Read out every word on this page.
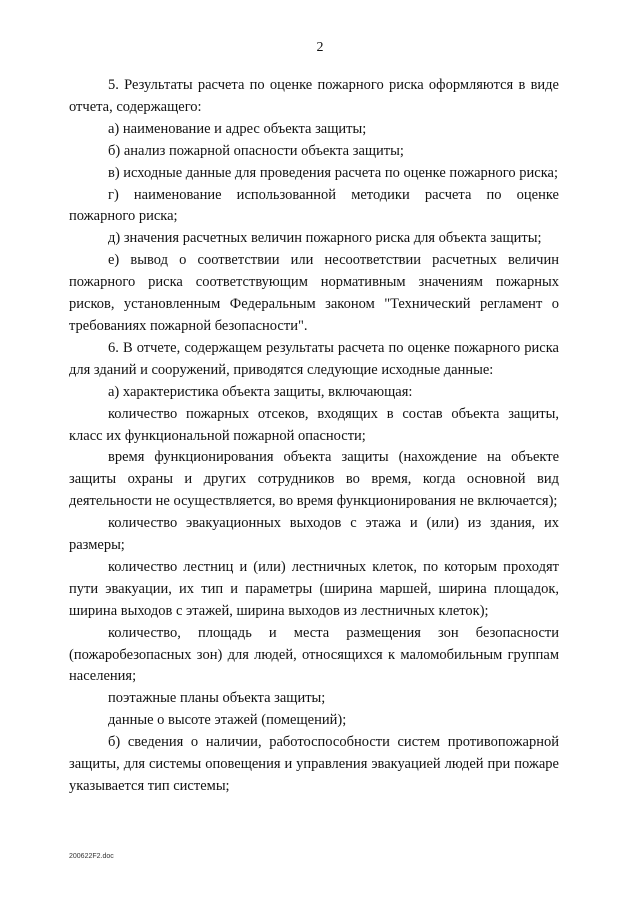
2

5. Результаты расчета по оценке пожарного риска оформляются в виде отчета, содержащего:

а) наименование и адрес объекта защиты;

б) анализ пожарной опасности объекта защиты;

в) исходные данные для проведения расчета по оценке пожарного риска;

г) наименование использованной методики расчета по оценке пожарного риска;

д) значения расчетных величин пожарного риска для объекта защиты;

е) вывод о соответствии или несоответствии расчетных величин пожарного риска соответствующим нормативным значениям пожарных рисков, установленным Федеральным законом "Технический регламент о требованиях пожарной безопасности".

6. В отчете, содержащем результаты расчета по оценке пожарного риска для зданий и сооружений, приводятся следующие исходные данные:

а) характеристика объекта защиты, включающая:

количество пожарных отсеков, входящих в состав объекта защиты, класс их функциональной пожарной опасности;

время функционирования объекта защиты (нахождение на объекте защиты охраны и других сотрудников во время, когда основной вид деятельности не осуществляется, во время функционирования не включается);

количество эвакуационных выходов с этажа и (или) из здания, их размеры;

количество лестниц и (или) лестничных клеток, по которым проходят пути эвакуации, их тип и параметры (ширина маршей, ширина площадок, ширина выходов с этажей, ширина выходов из лестничных клеток);

количество, площадь и места размещения зон безопасности (пожаробезопасных зон) для людей, относящихся к маломобильным группам населения;

поэтажные планы объекта защиты;

данные о высоте этажей (помещений);

б) сведения о наличии, работоспособности систем противопожарной защиты, для системы оповещения и управления эвакуацией людей при пожаре указывается тип системы;

200622F2.doc
